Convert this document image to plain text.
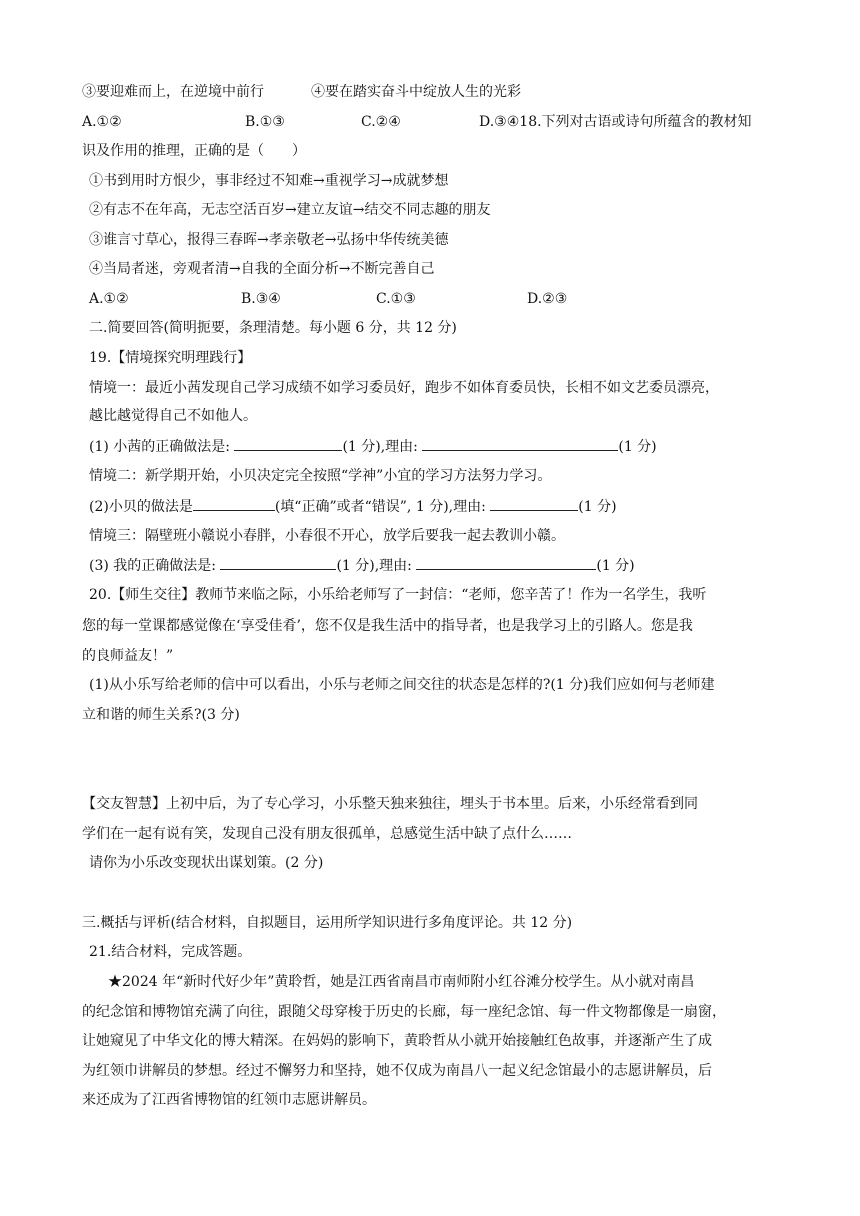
③要迎难而上，在逆境中前行	④要在踏实奋斗中绽放人生的光彩
A.①②	B.①③	C.②④	D.③④18.下列对古语或诗句所蕴含的教材知
识及作用的推理，正确的是（　　）
①书到用时方恨少，事非经过不知难→重视学习→成就梦想
②有志不在年高，无志空活百岁→建立友谊→结交不同志趣的朋友
③谁言寸草心，报得三春晖→孝亲敬老→弘扬中华传统美德
④当局者迷，旁观者清→自我的全面分析→不断完善自己
A.①②	B.③④	C.①③	D.②③
二.简要回答(简明扼要，条理清楚。每小题 6 分，共 12 分)
19.【情境探究明理践行】
情境一：最近小茜发现自己学习成绩不如学习委员好，跑步不如体育委员快，长相不如文艺委员漂亮，
越比越觉得自己不如他人。
(1) 小茜的正确做法是:	(1 分),理由:	(1 分)
情境二：新学期开始，小贝决定完全按照“学神”小宜的学习方法努力学习。
(2)小贝的做法是	(填“正确”或者“错误”, 1 分),理由:	(1 分)
情境三：隔壁班小赣说小春胖，小春很不开心，放学后要我一起去教训小赣。
(3) 我的正确做法是:	(1 分),理由:	(1 分)
20.【师生交往】教师节来临之际，小乐给老师写了一封信：“老师，您辛苦了！作为一名学生，我听
您的每一堂课都感觉像在‘享受佳肴’，您不仅是我生活中的指导者，也是我学习上的引路人。您是我
的良师益友！”
(1)从小乐写给老师的信中可以看出，小乐与老师之间交往的状态是怎样的?(1 分)我们应如何与老师建
立和谐的师生关系?(3 分)
【交友智慧】上初中后，为了专心学习，小乐整天独来独往，埋头于书本里。后来，小乐经常看到同
学们在一起有说有笑，发现自己没有朋友很孤单，总感觉生活中缺了点什么……
请你为小乐改变现状出谋划策。(2 分)
三.概括与评析(结合材料，自拟题目，运用所学知识进行多角度评论。共 12 分)
21.结合材料，完成答题。
★2024 年“新时代好少年”黄聆哲，她是江西省南昌市南师附小红谷滩分校学生。从小就对南昌
的纪念馆和博物馆充满了向往，跟随父母穿梭于历史的长廊，每一座纪念馆、每一件文物都像是一扇窗，
让她窥见了中华文化的博大精深。在妈妈的影响下，黄聆哲从小就开始接触红色故事，并逐渐产生了成
为红领巾讲解员的梦想。经过不懈努力和坚持，她不仅成为南昌八一起义纪念馆最小的志愿讲解员，后
来还成为了江西省博物馆的红领巾志愿讲解员。
